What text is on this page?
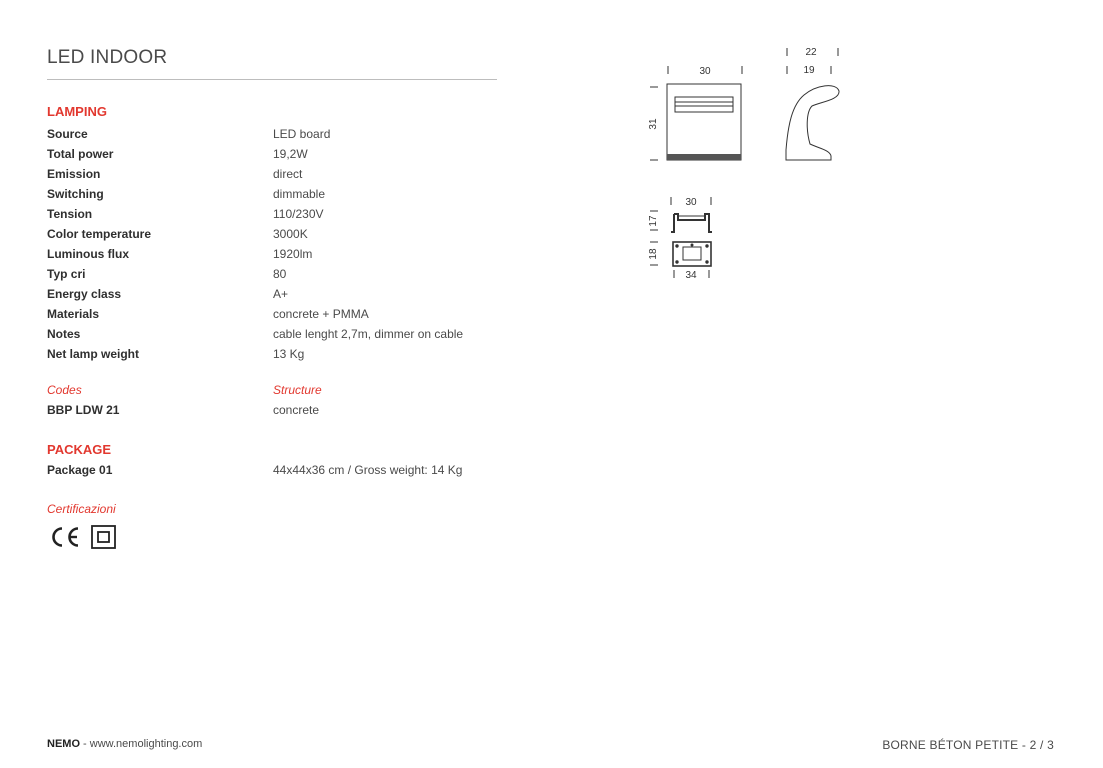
LED INDOOR
LAMPING
Source	LED board
Total power	19,2W
Emission	direct
Switching	dimmable
Tension	110/230V
Color temperature	3000K
Luminous flux	1920lm
Typ cri	80
Energy class	A+
Materials	concrete + PMMA
Notes	cable lenght 2,7m, dimmer on cable
Net lamp weight	13 Kg
Codes	Structure
BBP LDW 21	concrete
PACKAGE
Package 01	44x44x36 cm / Gross weight: 14 Kg
Certificazioni
30
31
22
19
30
17
34
18
NEMO - www.nemolighting.com	BORNE BÉTON PETITE - 2 / 3
